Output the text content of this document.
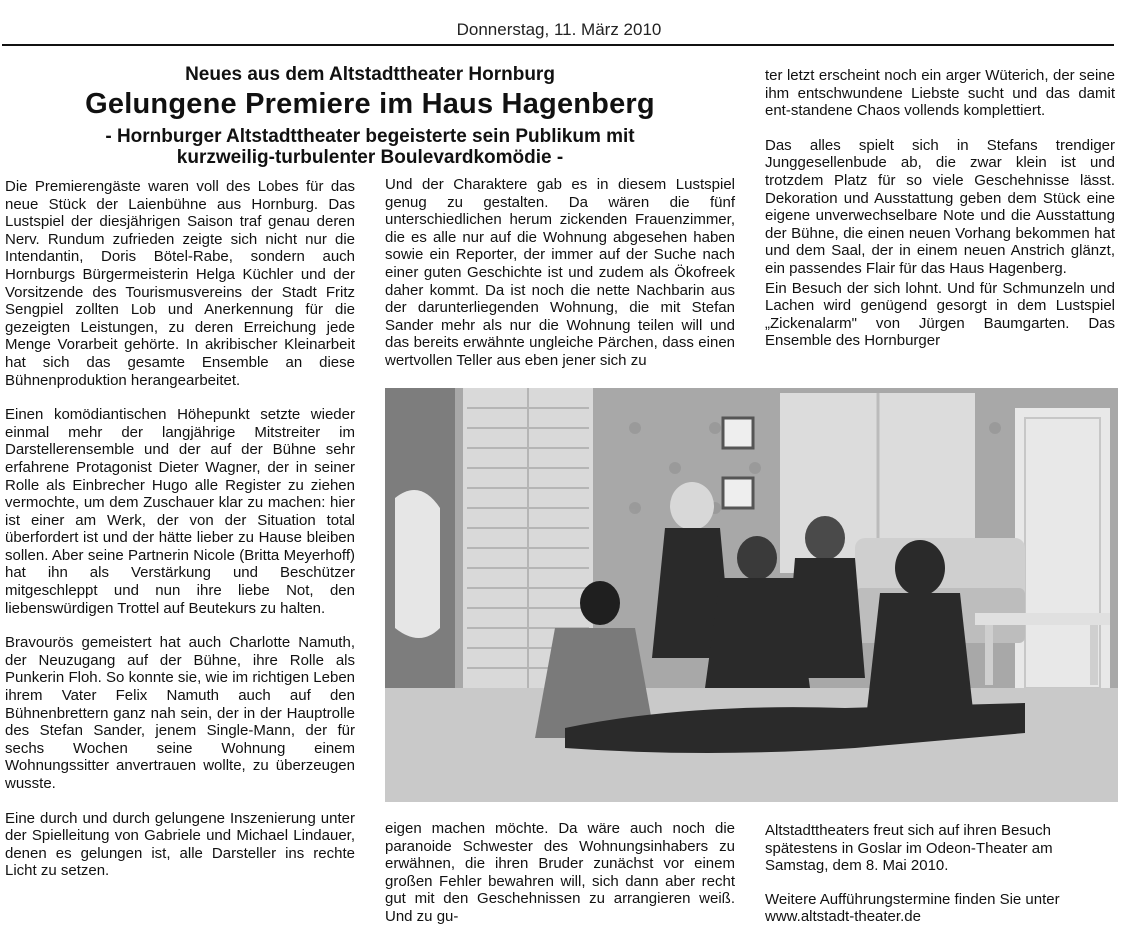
Donnerstag, 11. März 2010
Neues aus dem Altstadttheater Hornburg
Gelungene Premiere im Haus Hagenberg
- Hornburger Altstadttheater begeisterte sein Publikum mit
kurzweilig-turbulenter Boulevardkomödie -

Die Premierengäste waren voll des Lobes für das neue Stück der Laienbühne aus Hornburg. Das Lustspiel der diesjährigen Saison traf genau deren Nerv. Rundum zufrieden zeigte sich nicht nur die Intendantin, Doris Bötel-Rabe, sondern auch Hornburgs Bürgermeisterin Helga Küchler und der Vorsitzende des Tourismusvereins der Stadt Fritz Sengpiel zollten Lob und Anerkennung für die gezeigten Leistungen, zu deren Erreichung jede Menge Vorarbeit gehörte. In akribischer Kleinarbeit hat sich das gesamte Ensemble an diese Bühnenproduktion herangearbeitet.

Einen komödiantischen Höhepunkt setzte wieder einmal mehr der langjährige Mitstreiter im Darstellerensemble und der auf der Bühne sehr erfahrene Protagonist Dieter Wagner, der in seiner Rolle als Einbrecher Hugo alle Register zu ziehen vermochte, um dem Zuschauer klar zu machen: hier ist einer am Werk, der von der Situation total überfordert ist und der hätte lieber zu Hause bleiben sollen. Aber seine Partnerin Nicole (Britta Meyerhoff) hat ihn als Verstärkung und Beschützer mitgeschleppt und nun ihre liebe Not, den liebenswürdigen Trottel auf Beutekurs zu halten.

Bravourös gemeistert hat auch Charlotte Namuth, der Neuzugang auf der Bühne, ihre Rolle als Punkerin Floh. So konnte sie, wie im richtigen Leben ihrem Vater Felix Namuth auch auf den Bühnenbrettern ganz nah sein, der in der Hauptrolle des Stefan Sander, jenem Single-Mann, der für sechs Wochen seine Wohnung einem Wohnungssitter anvertrauen wollte, zu überzeugen wusste.

Eine durch und durch gelungene Inszenierung unter der Spielleitung von Gabriele und Michael Lindauer, denen es gelungen ist, alle Darsteller ins rechte Licht zu setzen.

Und der Charaktere gab es in diesem Lustspiel genug zu gestalten. Da wären die fünf unterschiedlichen herum zickenden Frauenzimmer, die es alle nur auf die Wohnung abgesehen haben sowie ein Reporter, der immer auf der Suche nach einer guten Geschichte ist und zudem als Ökofreek daher kommt. Da ist noch die nette Nachbarin aus der darunterliegenden Wohnung, die mit Stefan Sander mehr als nur die Wohnung teilen will und das bereits erwähnte ungleiche Pärchen, dass einen wertvollen Teller aus eben jener sich zu

ter letzt erscheint noch ein arger Wüterich, der seine ihm entschwundene Liebste sucht und das damit ent-standene Chaos vollends komplettiert.

Das alles spielt sich in Stefans trendiger Junggesellenbude ab, die zwar klein ist und trotzdem Platz für so viele Geschehnisse lässt. Dekoration und Ausstattung geben dem Stück eine eigene unverwechselbare Note und die Ausstattung der Bühne, die einen neuen Vorhang bekommen hat und dem Saal, der in einem neuen Anstrich glänzt, ein passendes Flair für das Haus Hagenberg.

Ein Besuch der sich lohnt. Und für Schmunzeln und Lachen wird genügend gesorgt in dem Lustspiel „Zickenalarm" von Jürgen Baumgarten. Das Ensemble des Hornburger

eigen machen möchte. Da wäre auch noch die paranoide Schwester des Wohnungsinhabers zu erwähnen, die ihren Bruder zunächst vor einem großen Fehler bewahren will, sich dann aber recht gut mit den Geschehnissen zu arrangieren weiß. Und zu gu-

Altstadttheaters freut sich auf ihren Besuch spätestens in Goslar im Odeon-Theater am Samstag, dem 8. Mai 2010.

Weitere Aufführungstermine finden Sie unter
www.altstadt-theater.de
